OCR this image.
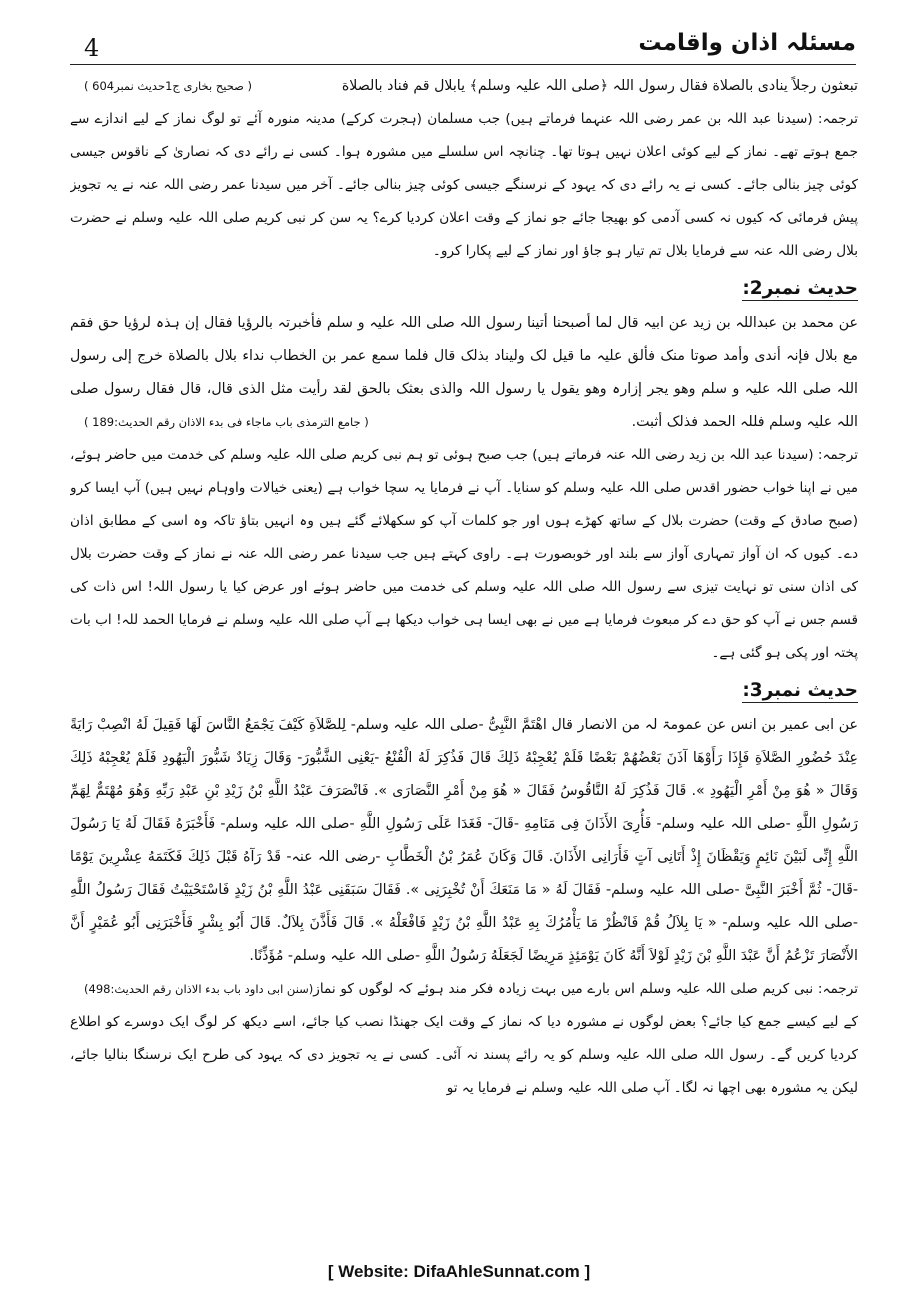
4	مسئلہ اذان واقامت

تبعثون رجلاً ینادی بالصلاة فقال رسول اللہ ﴿صلی اللہ علیہ وسلم﴾ یابلال قم فناد بالصلاة
( صحیح بخاری ج1حدیث نمبر604 )

ترجمہ: (سیدنا عبد اللہ بن عمر رضی اللہ عنہما فرماتے ہیں) جب مسلمان (ہجرت کرکے) مدینہ منورہ آئے تو لوگ نماز کے لیے اندازے سے جمع ہوتے تھے۔ نماز کے لیے کوئی اعلان نہیں ہوتا تھا۔ چنانچہ اس سلسلے میں مشورہ ہوا۔ کسی نے رائے دی کہ نصاریٰ کے ناقوس جیسی کوئی چیز بنالی جائے۔ کسی نے یہ رائے دی کہ یہود کے نرسنگے جیسی کوئی چیز بنالی جائے۔ آخر میں سیدنا عمر رضی اللہ عنہ نے یہ تجویز پیش فرمائی کہ کیوں نہ کسی آدمی کو بھیجا جائے جو نماز کے وقت اعلان کردیا کرے؟ یہ سن کر نبی کریم صلی اللہ علیہ وسلم نے حضرت بلال رضی اللہ عنہ سے فرمایا بلال تم تیار ہو جاؤ اور نماز کے لیے پکارا کرو۔

حدیث نمبر2:

عن محمد بن عبداللہ بن زید عن ابیہ قال لما أصبحنا أتینا رسول اللہ صلی اللہ علیہ و سلم فأخبرتہ بالرؤیا فقال إن ہذہ لرؤیا حق فقم مع بلال فإنہ أندی وأمد صوتا منک فألق علیہ ما قیل لک ولیناد بذلک قال فلما سمع عمر بن الخطاب نداء بلال بالصلاة خرج إلی رسول اللہ صلی اللہ علیہ و سلم وھو یجر إزارہ وھو یقول یا رسول اللہ والذی بعثک بالحق لقد رأیت مثل الذی قال، قال فقال رسول صلی اللہ علیہ وسلم فللہ الحمد فذلک أثبت.
( جامع الترمذی باب ماجاء فی بدء الاذان رقم الحدیث:189 )

ترجمہ: (سیدنا عبد اللہ بن زید رضی اللہ عنہ فرماتے ہیں) جب صبح ہوئی تو ہم نبی کریم صلی اللہ علیہ وسلم کی خدمت میں حاضر ہوئے، میں نے اپنا خواب حضور اقدس صلی اللہ علیہ وسلم کو سنایا۔ آپ نے فرمایا یہ سچا خواب ہے (یعنی خیالات واوہام نہیں ہیں) آپ ایسا کرو (صبح صادق کے وقت) حضرت بلال کے ساتھ کھڑے ہوں اور جو کلمات آپ کو سکھلائے گئے ہیں وہ انہیں بتاؤ تاکہ وہ اسی کے مطابق اذان دے۔ کیوں کہ ان آواز تمہاری آواز سے بلند اور خوبصورت ہے۔ راوی کہتے ہیں جب سیدنا عمر رضی اللہ عنہ نے نماز کے وقت حضرت بلال کی اذان سنی تو نہایت تیزی سے رسول اللہ صلی اللہ علیہ وسلم کی خدمت میں حاضر ہوئے اور عرض کیا یا رسول اللہ! اس ذات کی قسم جس نے آپ کو حق دے کر مبعوث فرمایا ہے میں نے بھی ایسا ہی خواب دیکھا ہے آپ صلی اللہ علیہ وسلم نے فرمایا الحمد للہ! اب بات پختہ اور پکی ہو گئی ہے۔

حدیث نمبر3:

عن ابی عمیر بن انس عن عمومۃ لہ من الانصار قال اهْتَمَّ النَّبِیُّ -صلی اللہ علیہ وسلم- لِلصَّلاَةِ كَيْفَ يَجْمَعُ النَّاسَ لَهَا فَقِيلَ لَهُ انْصِبْ رَايَةً عِنْدَ حُضُورِ الصَّلاَةِ فَإِذَا رَأَوْهَا آذَنَ بَعْضُهُمْ بَعْضًا فَلَمْ يُعْجِبْهُ ذَلِكَ قَالَ فَذُكِرَ لَهُ الْقُنْعُ -يَعْنِى الشَّبُّورَ- وَقَالَ زِيَادٌ شَبُّورَ الْيَهُودِ فَلَمْ يُعْجِبْهُ ذَلِكَ وَقَالَ « هُوَ مِنْ أَمْرِ الْيَهُودِ ». قَالَ فَذُكِرَ لَهُ النَّاقُوسُ فَقَالَ « هُوَ مِنْ أَمْرِ النَّصَارَى ». فَانْصَرَفَ عَبْدُ اللَّهِ بْنُ زَيْدِ بْنِ عَبْدِ رَبِّهِ وَهُوَ مُهْتَمٌّ لِهَمِّ رَسُولِ اللَّهِ -صلی اللہ علیہ وسلم- فَأُرِىَ الأَذَانَ فِى مَنَامِهِ -قَالَ- فَغَدَا عَلَى رَسُولِ اللَّهِ -صلی اللہ علیہ وسلم- فَأَخْبَرَهُ فَقَالَ لَهُ يَا رَسُولَ اللَّهِ إِنِّى لَبَيْنَ نَائِمٍ وَيَقْظَانَ إِذْ أَتَانِى آتٍ فَأَرَانِى الأَذَانَ. قَالَ وَكَانَ عُمَرُ بْنُ الْخَطَّابِ -رضی اللہ عنہ- قَدْ رَآهُ قَبْلَ ذَلِكَ فَكَتَمَهُ عِشْرِينَ يَوْمًا -قَالَ- ثُمَّ أَخْبَرَ النَّبِیَّ -صلی اللہ علیہ وسلم- فَقَالَ لَهُ « مَا مَنَعَكَ أَنْ تُخْبِرَنِى ». فَقَالَ سَبَقَنِى عَبْدُ اللَّهِ بْنُ زَيْدٍ فَاسْتَحْيَيْتُ فَقَالَ رَسُولُ اللَّهِ -صلی اللہ علیہ وسلم- « يَا بِلاَلُ قُمْ فَانْظُرْ مَا يَأْمُرُكَ بِهِ عَبْدُ اللَّهِ بْنُ زَيْدٍ فَافْعَلْهُ ». قَالَ فَأَذَّنَ بِلاَلٌ. قَالَ أَبُو بِشْرٍ فَأَخْبَرَنِى أَبُو عُمَيْرٍ أَنَّ الأَنْصَارَ تَزْعُمُ أَنَّ عَبْدَ اللَّهِ بْنَ زَيْدٍ لَوْلاَ أَنَّهُ كَانَ يَوْمَئِذٍ مَرِيضًا لَجَعَلَهُ رَسُولُ اللَّهِ -صلی اللہ علیہ وسلم- مُؤَذِّنًا.
(سنن ابی داود باب بدء الاذان رقم الحدیث:498)	ترجمہ: نبی کریم صلی اللہ علیہ وسلم اس بارے میں بہت زیادہ فکر مند ہوئے کہ لوگوں کو نماز کے لیے کیسے جمع کیا جائے؟ بعض لوگوں نے مشورہ دیا کہ نماز کے وقت ایک جھنڈا نصب کیا جائے، اسے دیکھ کر لوگ ایک دوسرے کو اطلاع کردیا کریں گے۔ رسول اللہ صلی اللہ علیہ وسلم کو یہ رائے پسند نہ آئی۔ کسی نے یہ تجویز دی کہ یہود کی طرح ایک نرسنگا بنالیا جائے، لیکن یہ مشورہ بھی اچھا نہ لگا۔ آپ صلی اللہ علیہ وسلم نے فرمایا یہ تو

[ Website: DifaAhleSunnat.com ]
